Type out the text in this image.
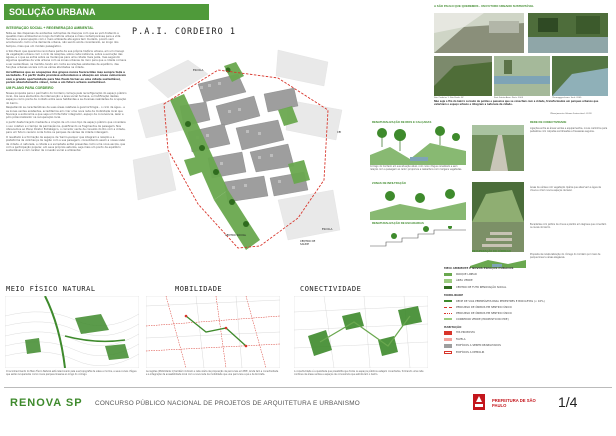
SOLUÇÃO URBANA
INTEGRAÇÃO SOCIAL + REGENERAÇÃO AMBIENTAL
Note-se das dispersas de evidentes nutrientes de doenças com que se vem tratando a questão meio ambiental ao longo da história urbana é mais contemporânea para a vida humana, a preocupação com o meio ambiente até agora tem mudado, porém vem acontecendo como uma demanda urbana, não sendo ainda considerado, ao longo dos tempos, mais que um modelo paisagístico.
A São Paulo que queremos reconhece parte da sua própria história urbana, em um manejo da vegetação urbana com o ciclo de relações, sobre cada instância, sobre a evolução das águas, e o que se extrai sobre as mudanças para uma cidade mais justa, mas seguindo algumas questões da vida urbana com as zonas urbanas de risco para que a cidade comece a ser sustentável, na medida, tendo em conta as relações existentes de equilíbrio, das funções urbanas sociais com as várias atividades na cidade.
Acreditamos que as ocupações dos grupos nunca favorecidas mas sempre toda a sociedade. É a partir desta premissa entendemos a atuação em áreas vulneráveis com a grande oportunidade para São Paulo tornar-se uma cidade sustentável, porém absolutamente viável, rumo a um futuro urbano sustentável.
UM PLANO PARA CORDEIRO
Nossa proposta para o perímetro do Cordeiro começa pela reconfiguração do espaço público local, dos seus elementos de intervenção: a área social humana, a modificação destes espaços como ponte de contato entre seus habitantes e as diversas realidades da ocupação do bairro.
Respeitando as características de suas áreas relativas à geomorfologia - o ciclo da água - e as zonas verdes existentes, acreditamos em criar uma nova rede de mobilidade local que favoreça a autonomia e que seja um forte fator integrador, espaço de convivência, lazer e pólo potencializador na recuperação local.
A partir deste traçado mediante a criação de um novo tipo de espaço público que considere o uso coletivo e o tempo de permanência, qualificando os fragmentos da paisagem. Nos oferecemos ao Plano Diretor Estratégico, o corredor verde de conexão do Rio com a cidade, para um futuro cenário onde todos os parques de várzea da cidade interagem.
O resultado é a formação de espaços de 'bairro-parque' que integram a relação e a plataforma da vizinhança da região com a sua paisagem, consolidando assim a nossa visão de cidade. A natureza, a cidade e a sociedade então presentes como uma nova escola, que com a participação popular, em seus próprios estudos, seja mais um ponto de equilíbrio sustentável e com caráter de conexão social e ambiental.
P.A.I. CORDEIRO 1
ESCOLA
CEI
CENTRO SOCIAL
ESCOLA
CENTRO DE SAÚDE
A SÃO PAULO QUE QUEREMOS - UM FUTURO URBANO SUSTENTÁVEL
São Cordeiro 1, São Paulo, SP	Pont Sainte-Aure, Paris, 2005	Cheonggyecheon, Seul, 2005
Não seja o fim do bairro cercado de pontes e passeios que se conectam com a cidade, transformados em parques urbanos que valorizam o espaço urbano e integram a natureza da cidade.
(Planejamento Urbano Sustentável, 2012)
RENATURALIZAÇÃO DE RIOS E CALÇADAS
Córrego do Cordeiro em sua situação atual, com curso d'água canalizado e sem relação com a paisagem ao redor; propomos a reabertura com margens vegetadas.
REDE DE CONECTIVIDADE
Ligações entre as áreas verdes e equipamentos, novos caminhos para pedestres com calçadas sombreadas e travessias seguras.
ZONAS DE INFILTRAÇÃO
Áreas de várzea com vegetação ripária que absorvem a água de chuva e criam novos espaços de lazer.
RENATURALIZAÇÃO DE ESCADARIAS	Escadarias com jardins de chuva e plantio em degraus que conectam os níveis do bairro.
RECUPERAÇÃO DO CÓRREGO
Proposta de renaturalização do córrego do Cordeiro por meio de parque linear e áreas alagáveis.
MEIO AMBIENTE E NOVOS ESPAÇOS PÚBLICOS
PARQUE LINEAR
ÁREA VERDE
CENTRO DE FUTR RENOVAÇÃO SOCIAL
MOBILIDADE
REDE DE VIAS PERMEÁVEIS PARA PEDESTRES E BICICLETAS (< 10%)
PERCURSO DE ÔNIBUS EM SENTIDO ÚNICO
PERCURSO DE ÔNIBUS EM SENTIDO ÚNICO
CORREDOR VERDE (PROPOSTO NO PDE)
HABITAÇÃO
HIS PROPOSTA
FAVELA
EDIFÍCIOS A SEREM REABILITADOS
EDIFÍCIOS A DEMOLIR
MEIO FÍSICO NATURAL
O reconhecimento do Meio Físico Natural está relacionado pela sua topografia de vales e morros, e seus cursos d'água que serão recuperados como novos parques lineares ao longo do córrego.
MOBILIDADE
As regiões (Mobilidade 1) também indicam a rede viária de proposição de percursos em PDE. Ainda tem a conectividade e a integração da acessibilidade local com a nova rede de mobilidade que une percursos a pé e de bicicleta.
CONECTIVIDADE
A conectividade é a qualidade que possibilita que todos os espaços públicos estejam conectados, formando uma rede contínua de áreas verdes e espaços de convivência que estruturam o bairro.
RENOVA SP CONCURSO PÚBLICO NACIONAL DE PROJETOS DE ARQUITETURA E URBANISMO	PREFEITURA DE SÃO PAULO	1/4
